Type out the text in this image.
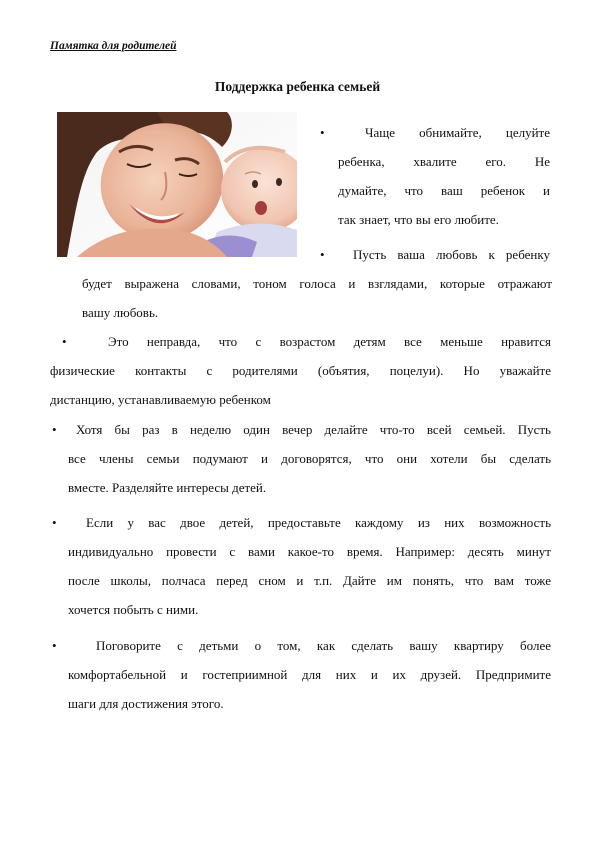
Памятка для родителей
Поддержка ребенка семьей
•	Чаще обнимайте, целуйте
ребенка, хвалите его. Не
думайте, что ваш ребенок и
так знает, что вы его любите.
• Пусть ваша любовь к ребенку
будет выражена словами, тоном голоса и взглядами, которые отражают
вашу любовь.
•	Это неправда, что с возрастом детям все меньше нравится
физические контакты с родителями (объятия, поцелуи). Но уважайте
дистанцию, устанавливаемую ребенком
• Хотя бы раз в неделю один вечер делайте что-то всей семьей. Пусть
все члены семьи подумают и договорятся, что они хотели бы сделать
вместе. Разделяйте интересы детей.
• Если у вас двое детей, предоставьте каждому из них возможность
индивидуально провести с вами какое-то время. Например: десять минут
после школы, полчаса перед сном и т.п. Дайте им понять, что вам тоже
хочется побыть с ними.
•	Поговорите с детьми о том, как сделать вашу квартиру более
комфортабельной и гостеприимной для них и их друзей. Предпримите
шаги для достижения этого.
